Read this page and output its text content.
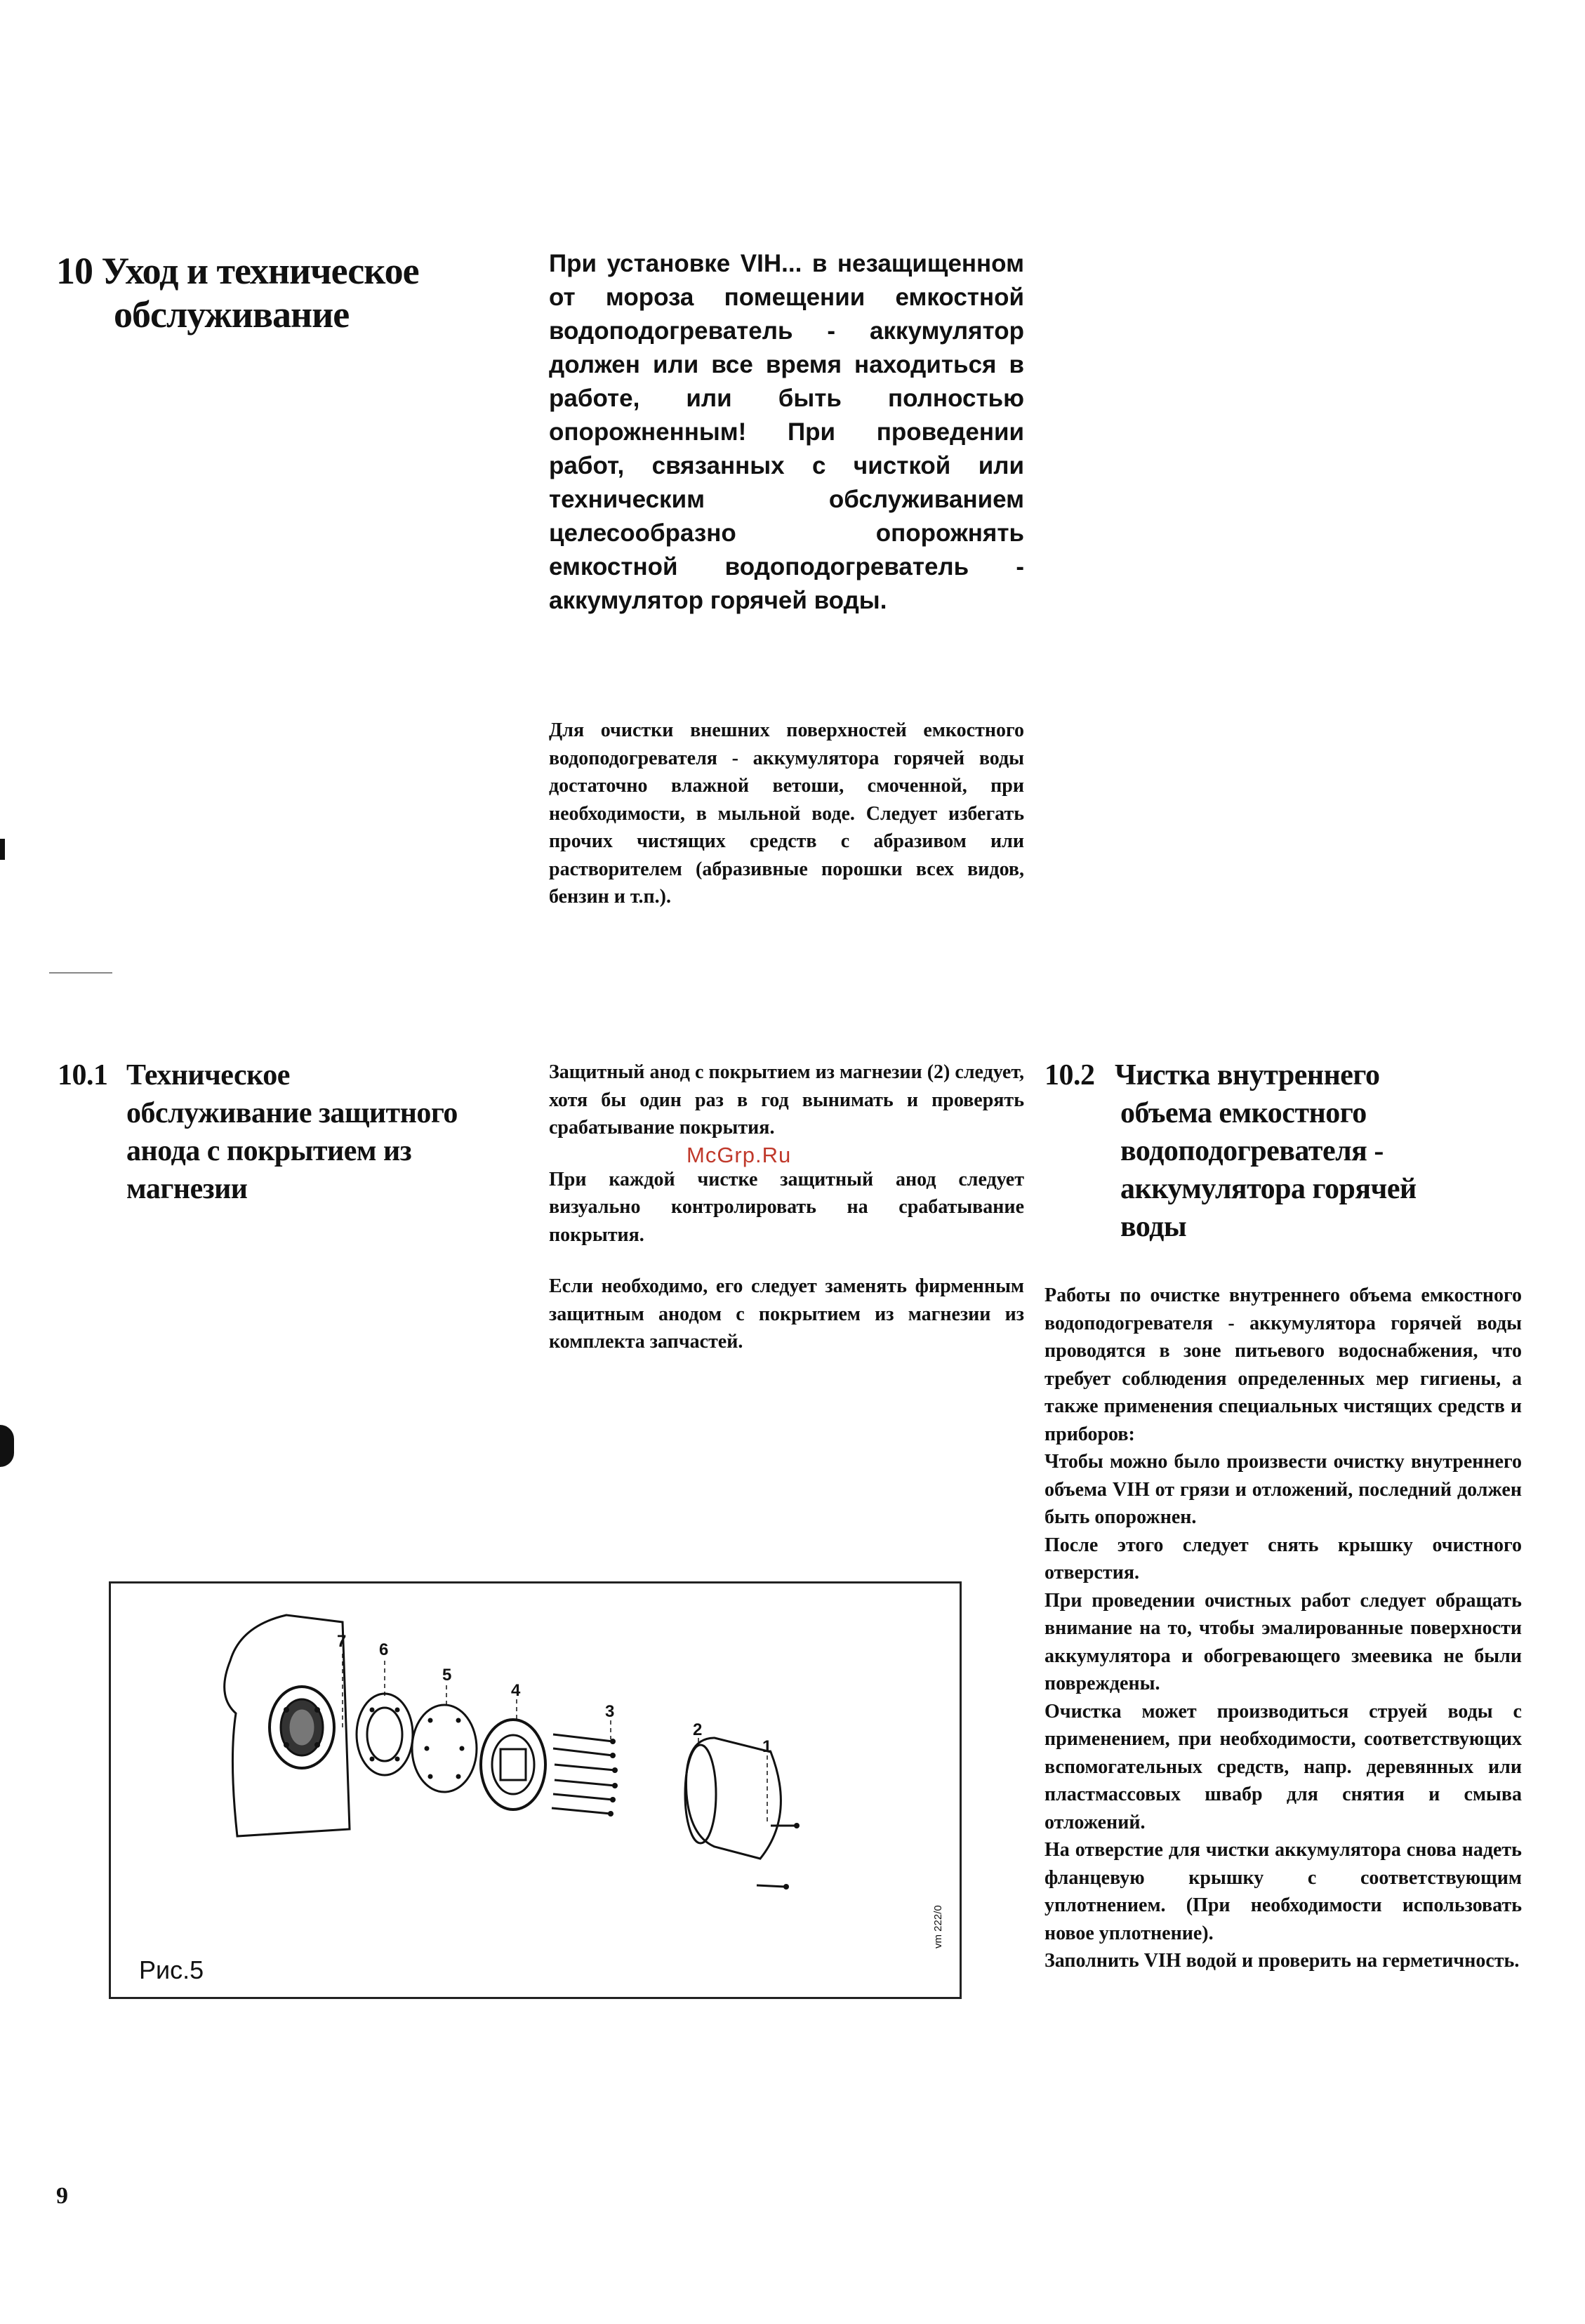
10 Уход и техническое
обслуживание
При установке VIH... в незащищенном от мороза помещении емкостной водоподогреватель - аккумулятор должен или все время находиться в работе, или быть полностью опорожненным! При проведении работ, связанных с чисткой или техническим обслуживанием целесообразно опорожнять емкостной водоподогреватель - аккумулятор горячей воды.
Для очистки внешних поверхностей емкостного водоподогревателя - аккумулятора горячей воды достаточно влажной ветоши, смоченной, при необходимости, в мыльной воде. Следует избегать прочих чистящих средств с абразивом или растворителем (абразивные порошки всех видов, бензин и т.п.).
10.1 Техническое
обслуживание защитного
анода с покрытием из
магнезии

Защитный анод с покрытием из магнезии (2) следует, хотя бы один раз в год вынимать и проверять срабатывание покрытия.

При каждой чистке защитный анод следует визуально контролировать на срабатывание покрытия.

Если необходимо, его следует заменять фирменным защитным анодом с покрытием из магнезии из комплекта запчастей.

McGrp.Ru
10.2 Чистка внутреннего
объема емкостного
водоподогревателя -
аккумулятора горячей
воды

Работы по очистке внутреннего объема емкостного водоподогревателя - аккумулятора горячей воды проводятся в зоне питьевого водоснабжения, что требует соблюдения определенных мер гигиены, а также применения специальных чистящих средств и приборов:

Чтобы можно было произвести очистку внутреннего объема VIH от грязи и отложений, последний должен быть опорожнен.

После этого следует снять крышку очистного отверстия.

При проведении очистных работ следует обращать внимание на то, чтобы эмалированные поверхности аккумулятора и обогревающего змеевика не были повреждены.

Очистка может производиться струей воды с применением, при необходимости, соответствующих вспомогательных средств, напр. деревянных или пластмассовых швабр для снятия и смыва отложений.

На отверстие для чистки аккумулятора снова надеть фланцевую крышку с соответствующим уплотнением. (При необходимости использовать новое уплотнение).

Заполнить VIH водой и проверить на герметичность.

7 6
5
4
3
2
1
Рис.5
vm 222/0
9
